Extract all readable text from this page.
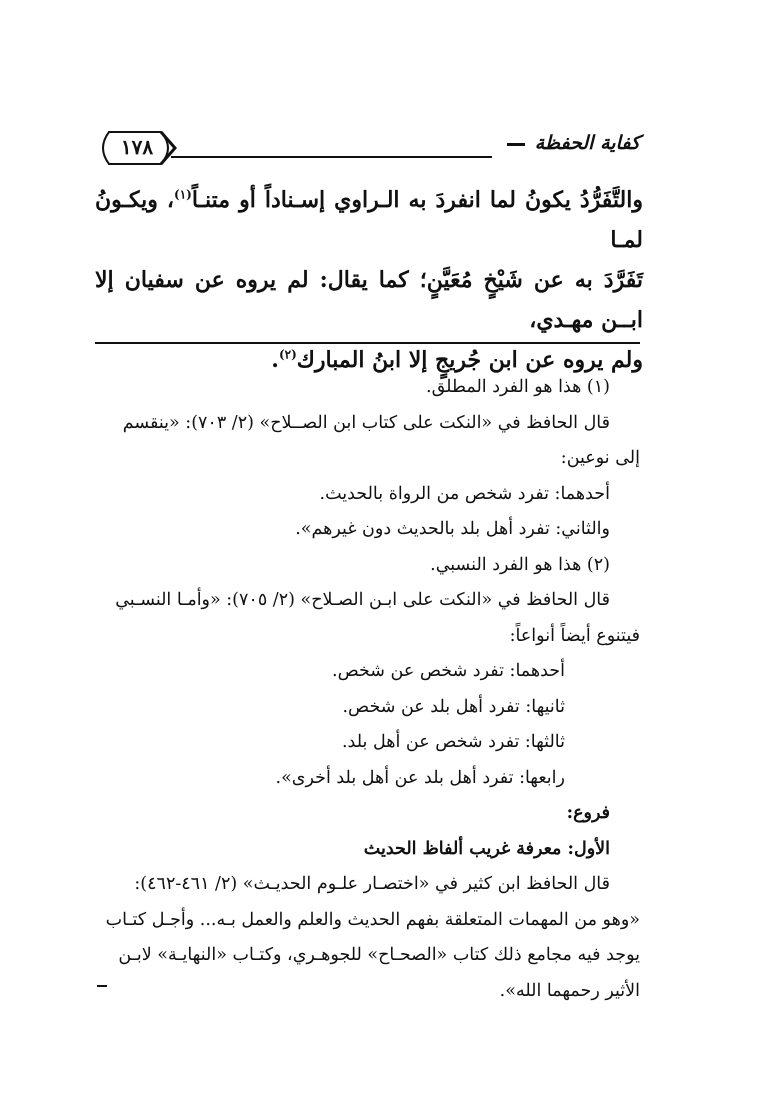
١٧٨	كفاية الحفظة

والتَّفَرُّدُ يكونُ لما انفردَ به الـراوي إسـناداً أو متنـاً$^{(١)}$، ويكـونُ لمـا

تَفَرَّدَ به عن شَيْخٍ مُعَيَّنٍ؛ كما يقال: لم يروه عن سفيان إلا ابــن مهـدي،

ولم يروه عن ابن جُريجٍ إلا ابنُ المبارك$^{(٢)}$.

(١) هذا هو الفرد المطلق.

قال الحافظ في «النكت على كتاب ابن الصــلاح» (٢/ ٧٠٣): «ينقسم

إلى نوعين:

أحدهما: تفرد شخص من الرواة بالحديث.

والثاني: تفرد أهل بلد بالحديث دون غيرهم».

(٢) هذا هو الفرد النسبي.

قال الحافظ في «النكت على ابـن الصـلاح» (٢/ ٧٠٥): «وأمـا النسـبي

فيتنوع أيضاً أنواعاً:

أحدهما: تفرد شخص عن شخص.

ثانيها: تفرد أهل بلد عن شخص.

ثالثها: تفرد شخص عن أهل بلد.

رابعها: تفرد أهل بلد عن أهل بلد أخرى».

فروع:

الأول: معرفة غريب ألفاظ الحديث

قال الحافظ ابن كثير في «اختصـار علـوم الحديـث» (٢/ ٤٦١-٤٦٢):

«وهو من المهمات المتعلقة بفهم الحديث والعلم والعمل بـه... وأجـل كتـاب

يوجد فيه مجامع ذلك كتاب «الصحـاح» للجوهـري، وكتـاب «النهايـة» لابـن

الأثير رحمهما الله».
